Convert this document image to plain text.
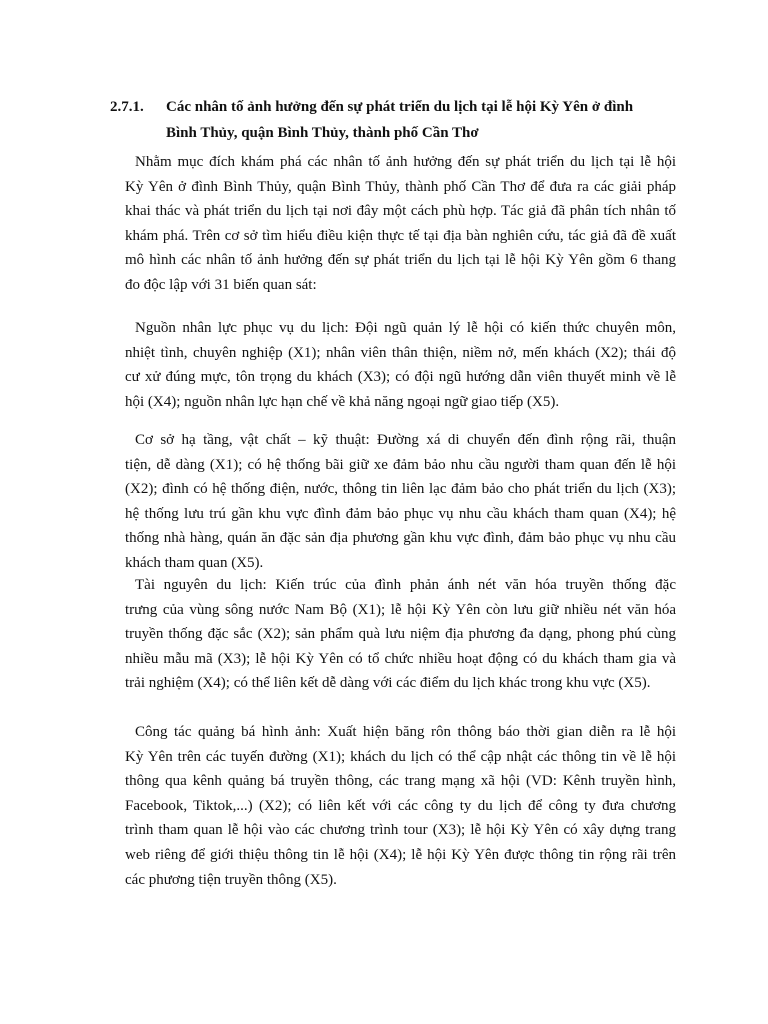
2.7.1. Các nhân tố ảnh hưởng đến sự phát triển du lịch tại lễ hội Kỳ Yên ở đình
Bình Thủy, quận Bình Thủy, thành phố Cần Thơ
Nhằm mục đích khám phá các nhân tố ảnh hưởng đến sự phát triển du lịch tại lễ hội
Kỳ Yên ở đình Bình Thủy, quận Bình Thủy, thành phố Cần Thơ để đưa ra các giải pháp
khai thác và phát triển du lịch tại nơi đây một cách phù hợp. Tác giả đã phân tích nhân tố
khám phá. Trên cơ sở tìm hiểu điều kiện thực tế tại địa bàn nghiên cứu, tác giả đã đề xuất
mô hình các nhân tố ảnh hưởng đến sự phát triển du lịch tại lễ hội Kỳ Yên gồm 6 thang
đo độc lập với 31 biến quan sát:
Nguồn nhân lực phục vụ du lịch: Đội ngũ quản lý lễ hội có kiến thức chuyên môn,
nhiệt tình, chuyên nghiệp (X1); nhân viên thân thiện, niềm nở, mến khách (X2); thái độ
cư xử đúng mực, tôn trọng du khách (X3); có đội ngũ hướng dẫn viên thuyết minh về lễ
hội (X4); nguồn nhân lực hạn chế về khả năng ngoại ngữ giao tiếp (X5).
Cơ sở hạ tầng, vật chất – kỹ thuật: Đường xá di chuyển đến đình rộng rãi, thuận
tiện, dễ dàng (X1); có hệ thống bãi giữ xe đảm bảo nhu cầu người tham quan đến lễ hội
(X2); đình có hệ thống điện, nước, thông tin liên lạc đảm bảo cho phát triển du lịch (X3);
hệ thống lưu trú gần khu vực đình đảm bảo phục vụ nhu cầu khách tham quan (X4); hệ
thống nhà hàng, quán ăn đặc sản địa phương gần khu vực đình, đảm bảo phục vụ nhu cầu
khách tham quan (X5).
Tài nguyên du lịch: Kiến trúc của đình phản ánh nét văn hóa truyền thống đặc
trưng của vùng sông nước Nam Bộ (X1); lễ hội Kỳ Yên còn lưu giữ nhiều nét văn hóa
truyền thống đặc sắc (X2); sản phẩm quà lưu niệm địa phương đa dạng, phong phú cùng
nhiều mẫu mã (X3); lễ hội Kỳ Yên có tổ chức nhiều hoạt động có du khách tham gia và
trải nghiệm (X4); có thể liên kết dễ dàng với các điểm du lịch khác trong khu vực (X5).
Công tác quảng bá hình ảnh: Xuất hiện băng rôn thông báo thời gian diễn ra lễ hội
Kỳ Yên trên các tuyến đường (X1); khách du lịch có thể cập nhật các thông tin về lễ hội
thông qua kênh quảng bá truyền thông, các trang mạng xã hội (VD: Kênh truyền hình,
Facebook, Tiktok,...) (X2); có liên kết với các công ty du lịch để công ty đưa chương
trình tham quan lễ hội vào các chương trình tour (X3); lễ hội Kỳ Yên có xây dựng trang
web riêng để giới thiệu thông tin lễ hội (X4); lễ hội Kỳ Yên được thông tin rộng rãi trên
các phương tiện truyền thông (X5).
